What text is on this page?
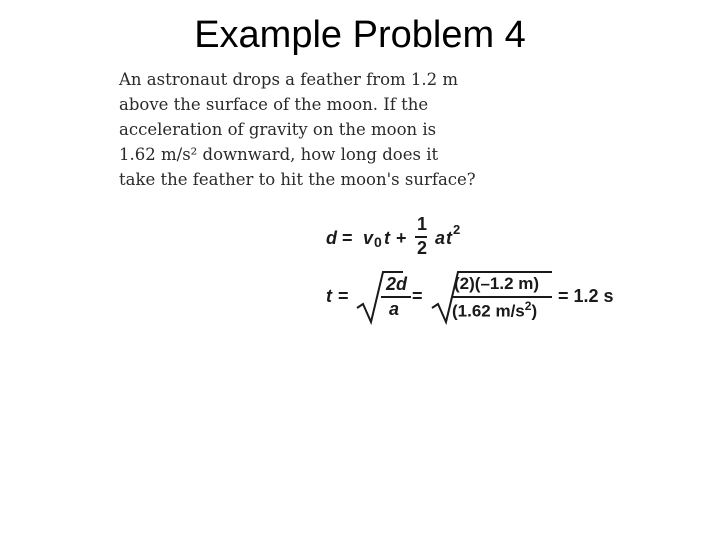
Example Problem 4
An astronaut drops a feather from 1.2 m
above the surface of the moon. If the
acceleration of gravity on the moon is
1.62 m/s² downward, how long does it
take the feather to hit the moon's surface?
d = v 0 t +
1
2 a t 2
t =
2d
a
=
(2)(–1.2 m)
(1.62 $m/s^2$)
= 1.2 s
